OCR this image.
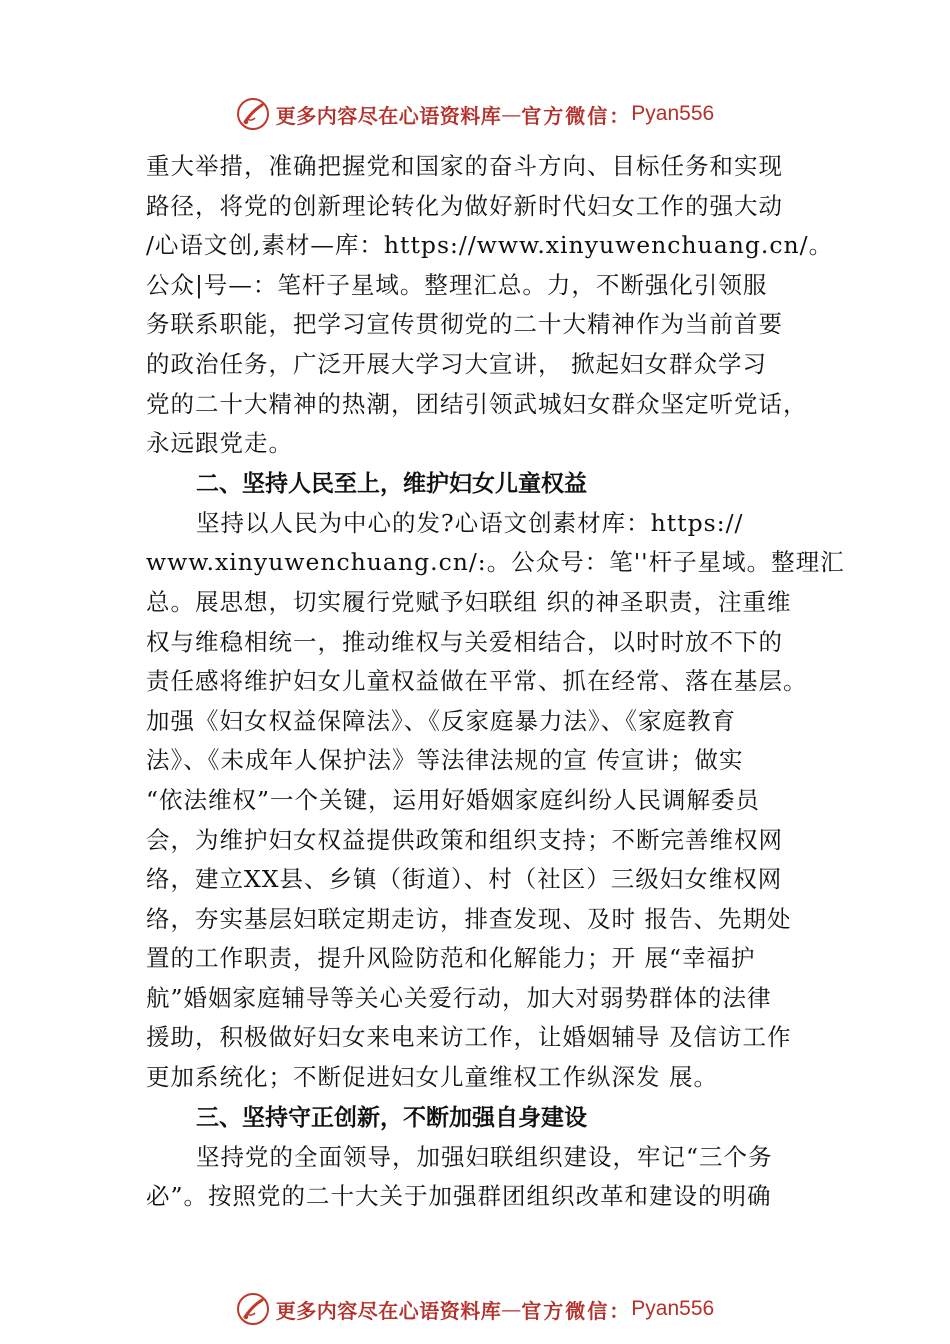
更多内容尽在心语资料库 — 官方微信： Pyan556
重大举措，准确把握党和国家的奋斗方向、目标任务和实现
路径，将党的创新理论转化为做好新时代妇女工作的强大动
/心语文创,素材—库：https://www.xinyuwenchuang.cn/。
公众|号—：笔杆子星域。整理汇总。力，不断强化引领服
务联系职能，把学习宣传贯彻党的二十大精神作为当前首要
的政治任务，广泛开展大学习大宣讲， 掀起妇女群众学习
党的二十大精神的热潮，团结引领武城妇女群众坚定听党话，
永远跟党走。
二、坚持人民至上，维护妇女儿童权益
坚持以人民为中心的发?心语文创素材库：https://
www.xinyuwenchuang.cn/:。公众号：笔''杆子星域。整理汇
总。展思想，切实履行党赋予妇联组 织的神圣职责，注重维
权与维稳相统一，推动维权与关爱相结合，以时时放不下的
责任感将维护妇女儿童权益做在平常、抓在经常、落在基层。
加强《妇女权益保障法》、《反家庭暴力法》、《家庭教育
法》、《未成年人保护法》等法律法规的宣 传宣讲；做实
“依法维权”一个关键，运用好婚姻家庭纠纷人民调解委员
会，为维护妇女权益提供政策和组织支持；不断完善维权网
络，建立XX县、乡镇（街道）、村（社区）三级妇女维权网
络，夯实基层妇联定期走访，排查发现、及时 报告、先期处
置的工作职责，提升风险防范和化解能力；开 展“幸福护
航”婚姻家庭辅导等关心关爱行动，加大对弱势群体的法律
援助，积极做好妇女来电来访工作，让婚姻辅导 及信访工作
更加系统化；不断促进妇女儿童维权工作纵深发 展。
三、坚持守正创新，不断加强自身建设
坚持党的全面领导，加强妇联组织建设，牢记“三个务
必”。按照党的二十大关于加强群团组织改革和建设的明确
更多内容尽在心语资料库 — 官方微信： Pyan556
